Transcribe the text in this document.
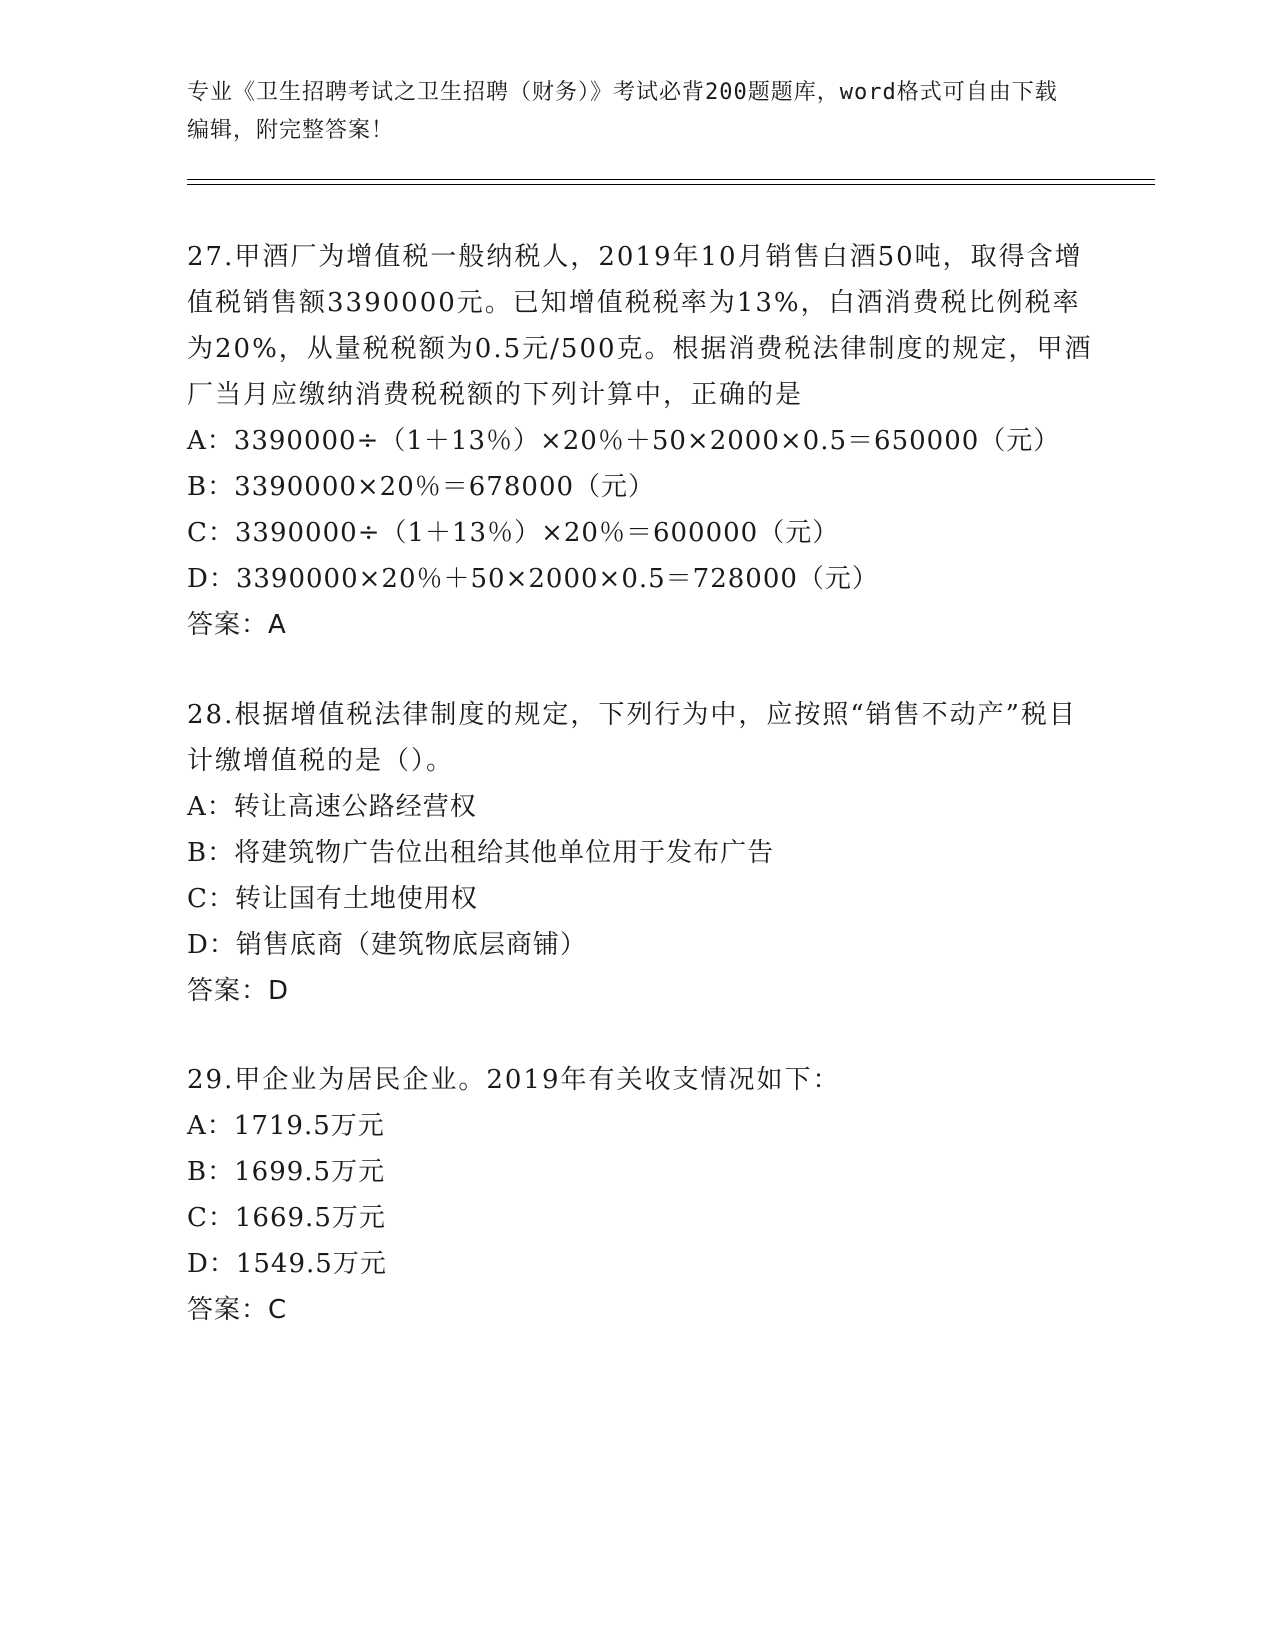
专业《卫生招聘考试之卫生招聘（财务）》考试必背200题题库，word格式可自由下载编辑，附完整答案！

27.甲酒厂为增值税一般纳税人，2019年10月销售白酒50吨，取得含增值税销售额3390000元。已知增值税税率为13%，白酒消费税比例税率为20%，从量税税额为0.5元/500克。根据消费税法律制度的规定，甲酒厂当月应缴纳消费税税额的下列计算中，正确的是

A：3390000÷（1＋13％）×20％＋50×2000×0.5＝650000（元）
B：3390000×20％＝678000（元）
C：3390000÷（1＋13％）×20％＝600000（元）
D：3390000×20％＋50×2000×0.5＝728000（元）

答案：A

28.根据增值税法律制度的规定，下列行为中，应按照“销售不动产”税目计缴增值税的是（）。

A：转让高速公路经营权
B：将建筑物广告位出租给其他单位用于发布广告
C：转让国有土地使用权
D：销售底商（建筑物底层商铺）

答案：D

29.甲企业为居民企业。2019年有关收支情况如下：

A：1719.5万元
B：1699.5万元
C：1669.5万元
D：1549.5万元

答案：C
